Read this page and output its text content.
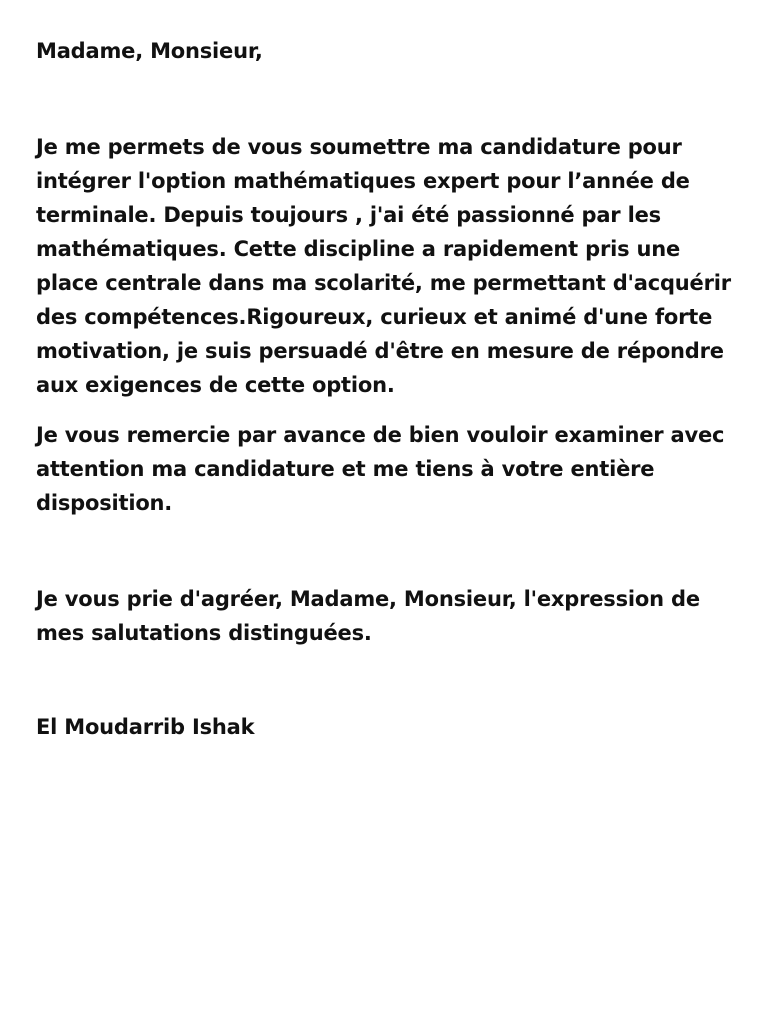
Madame, Monsieur,

Je me permets de vous soumettre ma candidature pour intégrer l'option mathématiques expert pour l’année de terminale. Depuis toujours , j'ai été passionné par les mathématiques. Cette discipline a rapidement pris une place centrale dans ma scolarité, me permettant d'acquérir des compétences.Rigoureux, curieux et animé d'une forte motivation, je suis persuadé d'être en mesure de répondre aux exigences de cette option.

Je vous remercie par avance de bien vouloir examiner avec attention ma candidature et me tiens à votre entière disposition.

Je vous prie d'agréer, Madame, Monsieur, l'expression de mes salutations distinguées.

El Moudarrib Ishak
